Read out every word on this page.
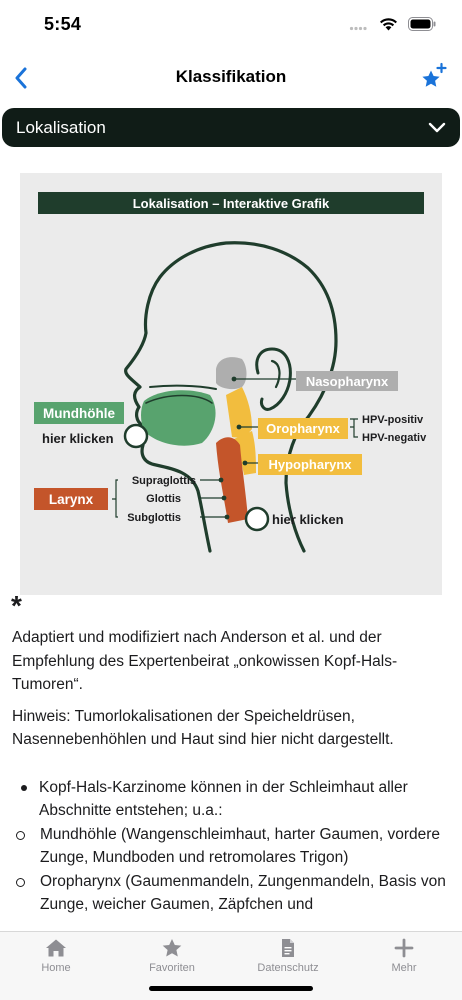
5:54
Klassifikation
Lokalisation
Lokalisation – Interaktive Grafik
Nasopharynx
Mundhöhle
hier klicken
Oropharynx
HPV-positiv
HPV-negativ
Hypopharynx
Larynx
Supraglottis
Glottis
Subglottis	hier klicken
*

Adaptiert und modifiziert nach Anderson et al. und der Empfehlung des Expertenbeirat „onkowissen Kopf-Hals-Tumoren“.

Hinweis: Tumorlokalisationen der Speicheldrüsen, Nasennebenhöhlen und Haut sind hier nicht dargestellt.

Kopf-Hals-Karzinome können in der Schleimhaut aller Abschnitte entstehen; u.a.:
Mundhöhle (Wangenschleimhaut, harter Gaumen, vordere Zunge, Mundboden und retromolares Trigon)
Oropharynx (Gaumenmandeln, Zungenmandeln, Basis von Zunge, weicher Gaumen, Zäpfchen und
Home	Favoriten	Datenschutz	Mehr
